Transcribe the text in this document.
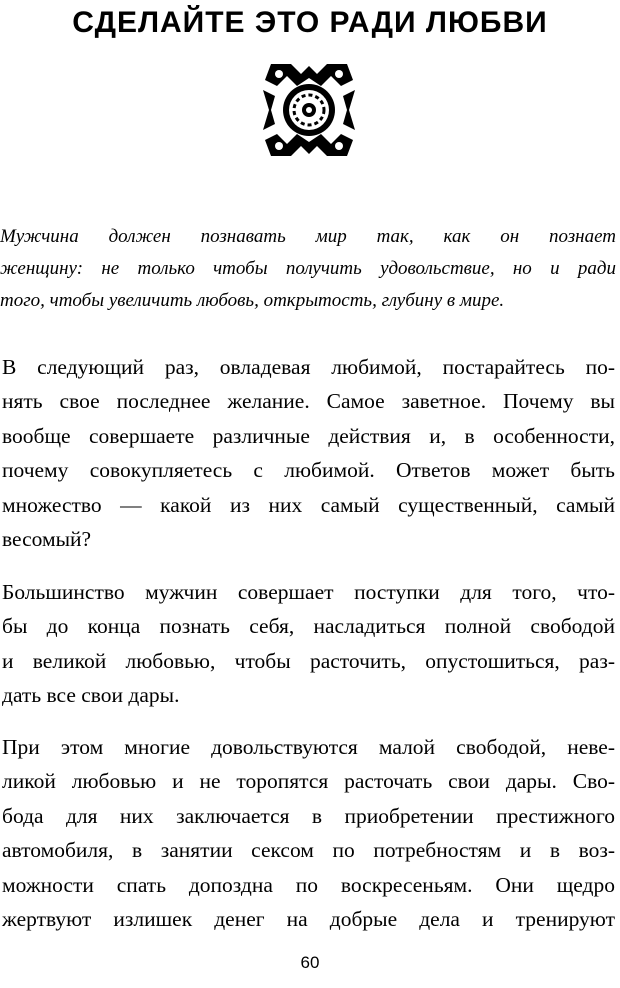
СДЕЛАЙТЕ ЭТО РАДИ ЛЮБВИ
Мужчина должен познавать мир так, как он познает
женщину: не только чтобы получить удовольствие, но и ради
того, чтобы увеличить любовь, открытость, глубину в мире.
В следующий раз, овладевая любимой, постарайтесь по-
нять свое последнее желание. Самое заветное. Почему вы
вообще совершаете различные действия и, в особенности,
почему совокупляетесь с любимой. Ответов может быть
множество — какой из них самый существенный, самый
весомый?
Большинство мужчин совершает поступки для того, что-
бы до конца познать себя, насладиться полной свободой
и великой любовью, чтобы расточить, опустошиться, раз-
дать все свои дары.
При этом многие довольствуются малой свободой, неве-
ликой любовью и не торопятся расточать свои дары. Сво-
бода для них заключается в приобретении престижного
автомобиля, в занятии сексом по потребностям и в воз-
можности спать допоздна по воскресеньям. Они щедро
жертвуют излишек денег на добрые дела и тренируют
60
